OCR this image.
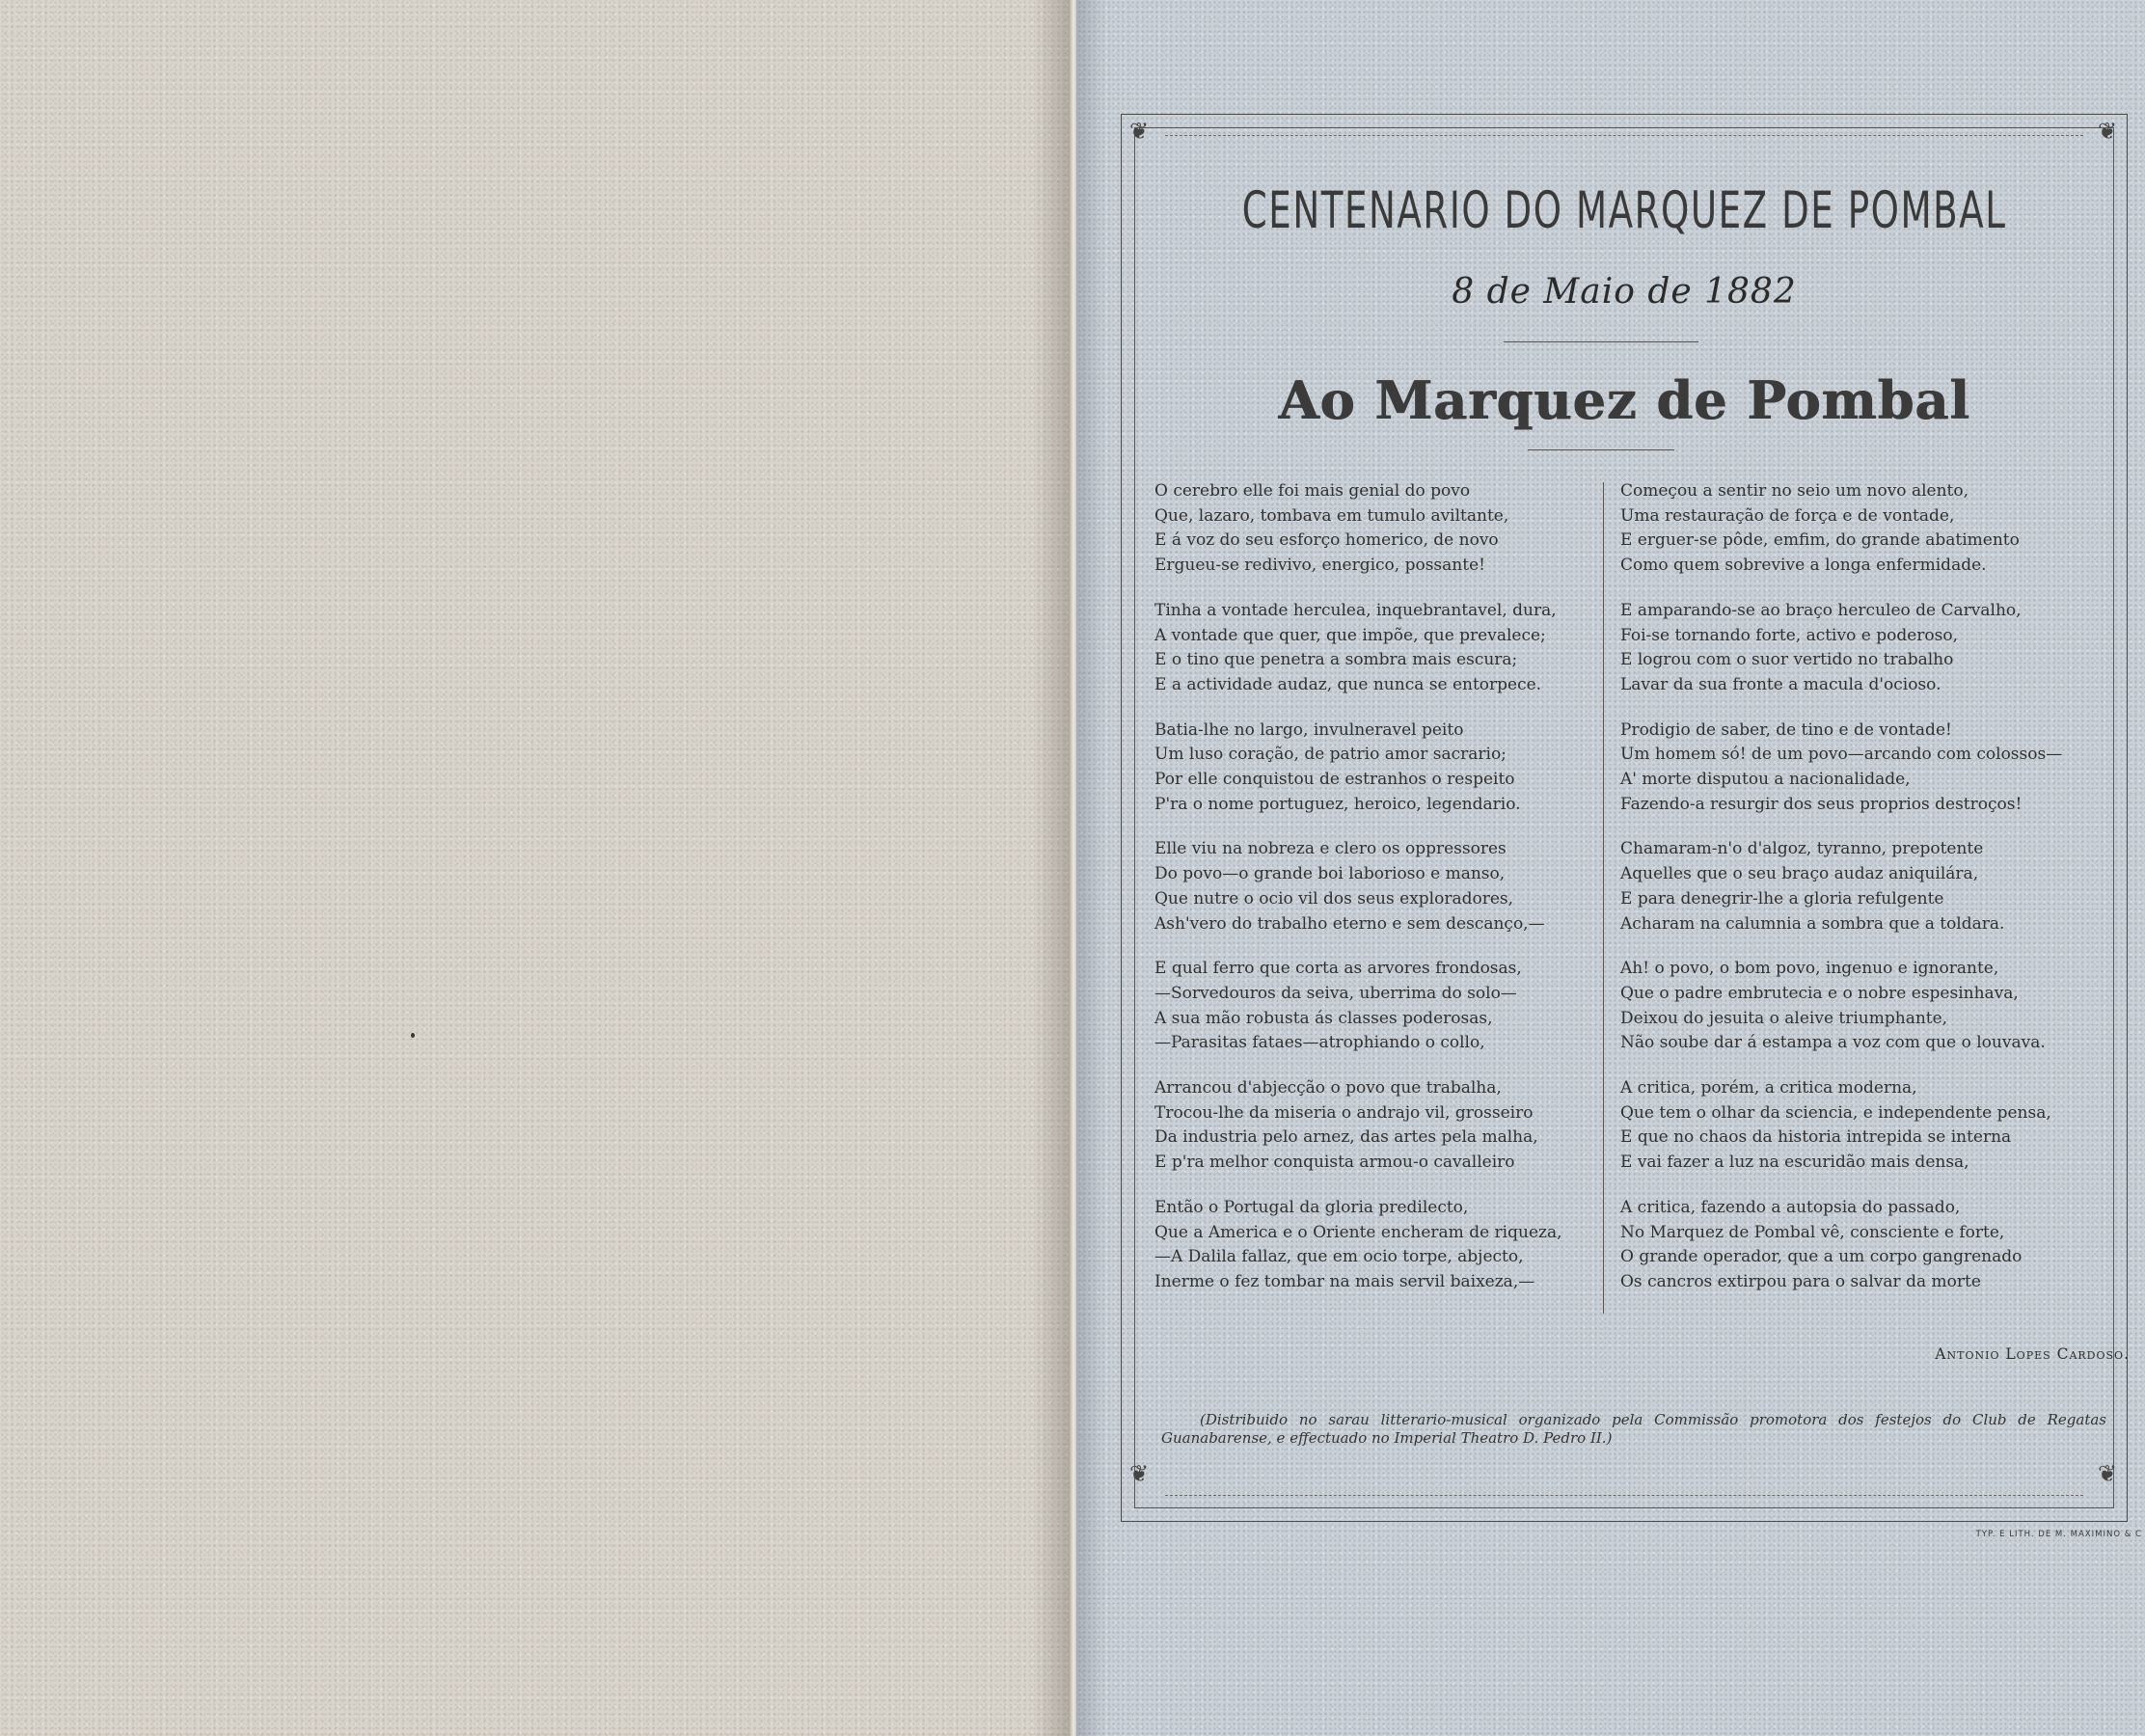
❦	❦
❦	❦
CENTENARIO DO MARQUEZ DE POMBAL
8 de Maio de 1882
Ao Marquez de Pombal
O cerebro elle foi mais genial do povo
Que, lazaro, tombava em tumulo aviltante,
E á voz do seu esforço homerico, de novo
Ergueu-se redivivo, energico, possante!
Tinha a vontade herculea, inquebrantavel, dura,
A vontade que quer, que impõe, que prevalece;
E o tino que penetra a sombra mais escura;
E a actividade audaz, que nunca se entorpece.
Batia-lhe no largo, invulneravel peito
Um luso coração, de patrio amor sacrario;
Por elle conquistou de estranhos o respeito
P'ra o nome portuguez, heroico, legendario.
Elle viu na nobreza e clero os oppressores
Do povo—o grande boi laborioso e manso,
Que nutre o ocio vil dos seus exploradores,
Ash'vero do trabalho eterno e sem descanço,—
E qual ferro que corta as arvores frondosas,
—Sorvedouros da seiva, uberrima do solo—
A sua mão robusta ás classes poderosas,
—Parasitas fataes—atrophiando o collo,
Arrancou d'abjecção o povo que trabalha,
Trocou-lhe da miseria o andrajo vil, grosseiro
Da industria pelo arnez, das artes pela malha,
E p'ra melhor conquista armou-o cavalleiro
Então o Portugal da gloria predilecto,
Que a America e o Oriente encheram de riqueza,
—A Dalila fallaz, que em ocio torpe, abjecto,
Inerme o fez tombar na mais servil baixeza,—
Começou a sentir no seio um novo alento,
Uma restauração de força e de vontade,
E erguer-se pôde, emfim, do grande abatimento
Como quem sobrevive a longa enfermidade.
E amparando-se ao braço herculeo de Carvalho,
Foi-se tornando forte, activo e poderoso,
E logrou com o suor vertido no trabalho
Lavar da sua fronte a macula d'ocioso.
Prodigio de saber, de tino e de vontade!
Um homem só! de um povo—arcando com colossos—
A' morte disputou a nacionalidade,
Fazendo-a resurgir dos seus proprios destroços!
Chamaram-n'o d'algoz, tyranno, prepotente
Aquelles que o seu braço audaz aniquilára,
E para denegrir-lhe a gloria refulgente
Acharam na calumnia a sombra que a toldara.
Ah! o povo, o bom povo, ingenuo e ignorante,
Que o padre embrutecia e o nobre espesinhava,
Deixou do jesuita o aleive triumphante,
Não soube dar á estampa a voz com que o louvava.
A critica, porém, a critica moderna,
Que tem o olhar da sciencia, e independente pensa,
E que no chaos da historia intrepida se interna
E vai fazer a luz na escuridão mais densa,
A critica, fazendo a autopsia do passado,
No Marquez de Pombal vê, consciente e forte,
O grande operador, que a um corpo gangrenado
Os cancros extirpou para o salvar da morte
Antonio Lopes Cardoso.
(Distribuido no sarau litterario-musical organizado pela Commissão promotora dos festejos do Club de Regatas Guanabarense, e effectuado no Imperial Theatro D. Pedro II.)
TYP. E LITH. DE M. MAXIMINO & C
